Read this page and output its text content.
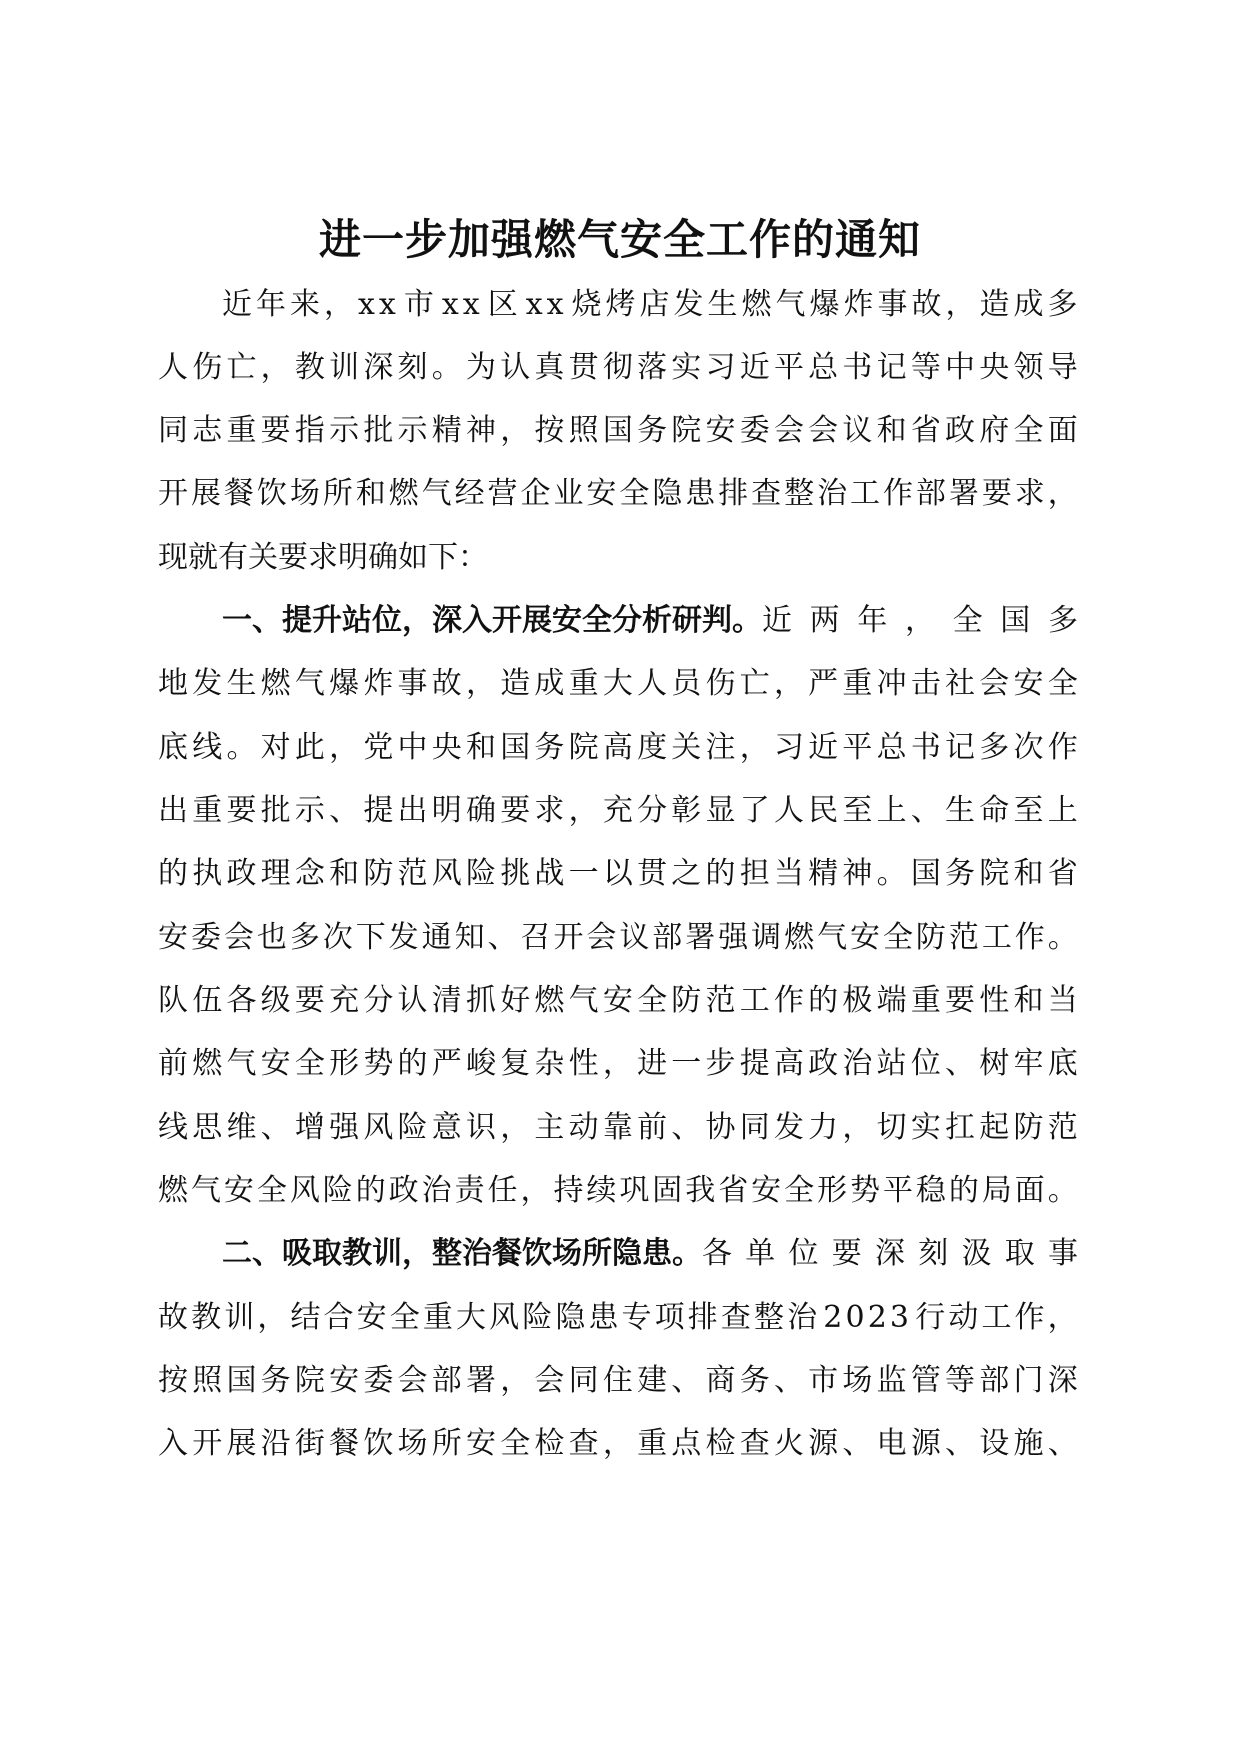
进一步加强燃气安全工作的通知
近 年 来 ， x x 市 x x 区 x x 烧 烤 店 发 生 燃 气 爆 炸 事 故 ， 造 成 多
人 伤 亡 ， 教 训 深 刻 。 为 认 真 贯 彻 落 实 习 近 平 总 书 记 等 中 央 领 导
同 志 重 要 指 示 批 示 精 神 ， 按 照 国 务 院 安 委 会 会 议 和 省 政 府 全 面
开 展 餐 饮 场 所 和 燃 气 经 营 企 业 安 全 隐 患 排 查 整 治 工 作 部 署 要 求 ，
现就有关要求明确如下：
一、提升站位，深入开展安全分析研判。 近 两 年 ， 全 国 多
地 发 生 燃 气 爆 炸 事 故 ， 造 成 重 大 人 员 伤 亡 ， 严 重 冲 击 社 会 安 全
底 线 。 对 此 ， 党 中 央 和 国 务 院 高 度 关 注 ， 习 近 平 总 书 记 多 次 作
出 重 要 批 示 、 提 出 明 确 要 求 ， 充 分 彰 显 了 人 民 至 上 、 生 命 至 上
的 执 政 理 念 和 防 范 风 险 挑 战 一 以 贯 之 的 担 当 精 神 。 国 务 院 和 省
安 委 会 也 多 次 下 发 通 知 、 召 开 会 议 部 署 强 调 燃 气 安 全 防 范 工 作 。
队 伍 各 级 要 充 分 认 清 抓 好 燃 气 安 全 防 范 工 作 的 极 端 重 要 性 和 当
前 燃 气 安 全 形 势 的 严 峻 复 杂 性 ， 进 一 步 提 高 政 治 站 位 、 树 牢 底
线 思 维 、 增 强 风 险 意 识 ， 主 动 靠 前 、 协 同 发 力 ， 切 实 扛 起 防 范
燃 气 安 全 风 险 的 政 治 责 任 ， 持 续 巩 固 我 省 安 全 形 势 平 稳 的 局 面 。
二、吸取教训，整治餐饮场所隐患。 各 单 位 要 深 刻 汲 取 事
故 教 训 ， 结 合 安 全 重 大 风 险 隐 患 专 项 排 查 整 治 2 0 2 3 行 动 工 作 ，
按 照 国 务 院 安 委 会 部 署 ， 会 同 住 建 、 商 务 、 市 场 监 管 等 部 门 深
入 开 展 沿 街 餐 饮 场 所 安 全 检 查 ， 重 点 检 查 火 源 、 电 源 、 设 施 、
